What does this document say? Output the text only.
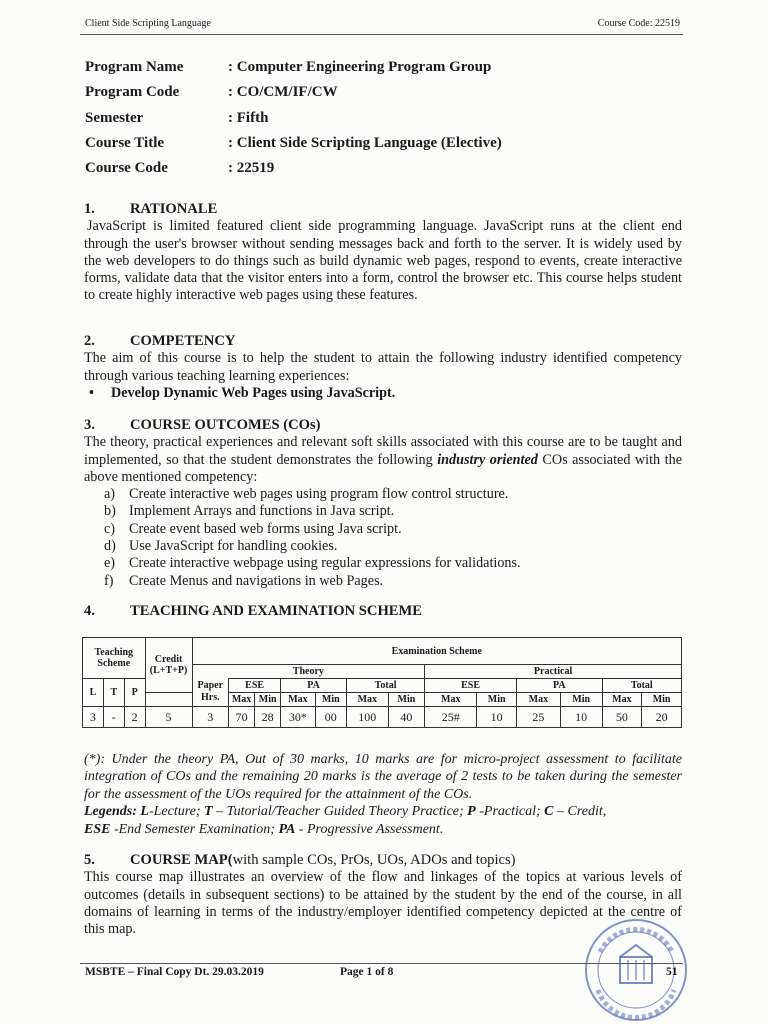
Client Side Scripting Language	Course Code: 22519
Program Name	: Computer Engineering Program Group
Program Code	: CO/CM/IF/CW
Semester	: Fifth
Course Title	: Client Side Scripting Language (Elective)
Course Code	: 22519
1.	RATIONALE
JavaScript is limited featured client side programming language. JavaScript runs at the client end through the user's browser without sending messages back and forth to the server. It is widely used by the web developers to do things such as build dynamic web pages, respond to events, create interactive forms, validate data that the visitor enters into a form, control the browser etc. This course helps student to create highly interactive web pages using these features.
2.	COMPETENCY
The aim of this course is to help the student to attain the following industry identified competency through various teaching learning experiences:
• Develop Dynamic Web Pages using JavaScript.
3.	COURSE OUTCOMES (COs)
The theory, practical experiences and relevant soft skills associated with this course are to be taught and implemented, so that the student demonstrates the following industry oriented COs associated with the above mentioned competency:
a) Create interactive web pages using program flow control structure.
b) Implement Arrays and functions in Java script.
c) Create event based web forms using Java script.
d) Use JavaScript for handling cookies.
e) Create interactive webpage using regular expressions for validations.
f)	Create Menus and navigations in web Pages.
4.	TEACHING AND EXAMINATION SCHEME
Teaching Scheme			Credit (L+T+P)	Examination Scheme												
				Theory							Practical					
L	T	P		Paper Hrs.	ESE		PA		Total		ESE		PA		Total	
					Max	Min	Max	Min	Max	Min	Max	Min	Max	Min	Max	Min
3	-	2	5	3	70	28	30*	00	100	40	25#	10	25	10	50	20
(*): Under the theory PA, Out of 30 marks, 10 marks are for micro-project assessment to facilitate integration of COs and the remaining 20 marks is the average of 2 tests to be taken during the semester for the assessment of the UOs required for the attainment of the COs.
Legends: L-Lecture; T – Tutorial/Teacher Guided Theory Practice; P -Practical; C – Credit,
ESE -End Semester Examination; PA - Progressive Assessment.
5.	COURSE MAP(with sample COs, PrOs, UOs, ADOs and topics)
This course map illustrates an overview of the flow and linkages of the topics at various levels of outcomes (details in subsequent sections) to be attained by the student by the end of the course, in all domains of learning in terms of the industry/employer identified competency depicted at the centre of this map.
MSBTE – Final Copy Dt. 29.03.2019	Page 1 of 8	51
